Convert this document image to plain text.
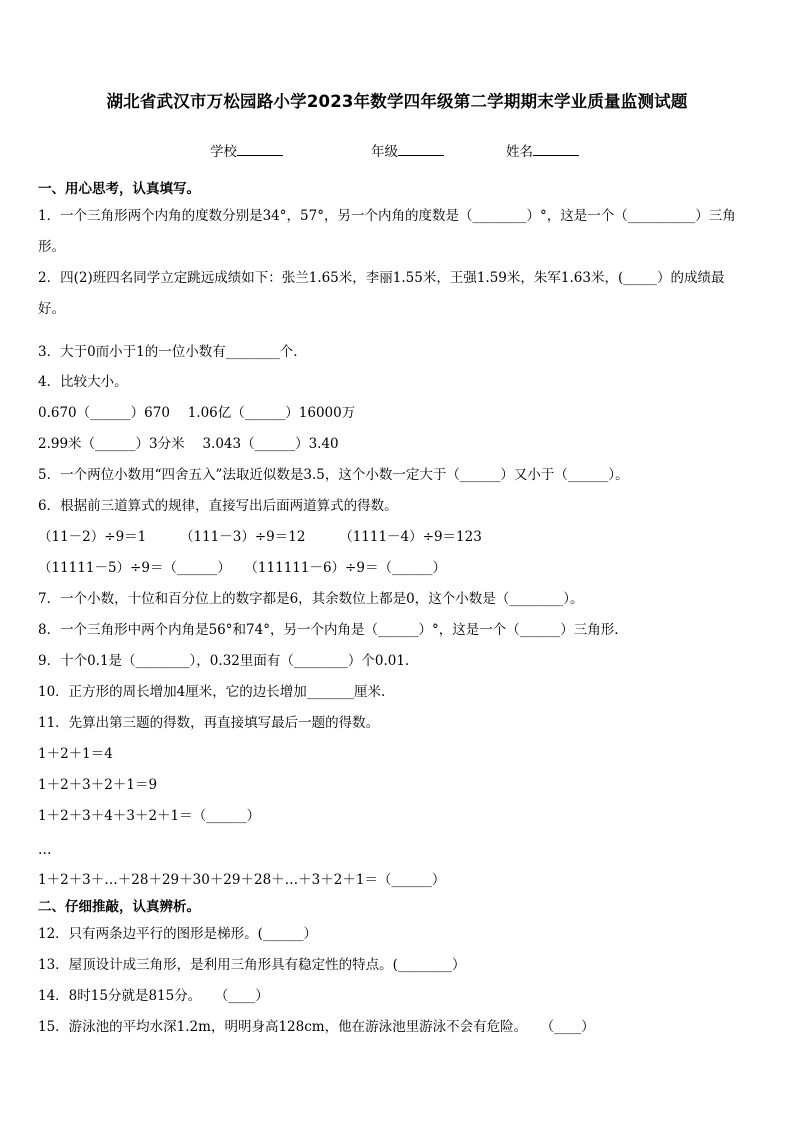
湖北省武汉市万松园路小学2023年数学四年级第二学期期末学业质量监测试题
学校	年级	姓名
一、用心思考，认真填写。
1．一个三角形两个内角的度数分别是34°，57°，另一个内角的度数是（________）°，这是一个（__________）三角
形。
2．四(2)班四名同学立定跳远成绩如下：张兰1.65米，李丽1.55米，王强1.59米，朱军1.63米，(_____）的成绩最
好。
3．大于0而小于1的一位小数有________个.
4．比较大小。
0.670（______）670　 1.06亿（______）16000万
2.99米（______）3分米　 3.043（______）3.40
5．一个两位小数用“四舍五入”法取近似数是3.5，这个小数一定大于（______）又小于（______）。
6．根据前三道算式的规律，直接写出后面两道算式的得数。
（11－2）÷9＝1　　　（111－3）÷9＝12　　　（1111－4）÷9＝123
（11111－5）÷9＝（______）　　（111111－6）÷9＝（______）
7．一个小数，十位和百分位上的数字都是6，其余数位上都是0，这个小数是（________）。
8．一个三角形中两个内角是56°和74°，另一个内角是（______）°，这是一个（______）三角形.
9．十个0.1是（________），0.32里面有（________）个0.01.
10．正方形的周长增加4厘米，它的边长增加_______厘米.
11．先算出第三题的得数，再直接填写最后一题的得数。
1＋2＋1＝4
1＋2＋3＋2＋1＝9
1＋2＋3＋4＋3＋2＋1＝（______）
…
1＋2＋3＋…＋28＋29＋30＋29＋28＋…＋3＋2＋1＝（______）
二、仔细推敲，认真辨析。
12．只有两条边平行的图形是梯形。(______）
13．屋顶设计成三角形，是利用三角形具有稳定性的特点。(________）
14．8时15分就是815分。　　（____）
15．游泳池的平均水深1.2m，明明身高128cm，他在游泳池里游泳不会有危险。　　（____）
